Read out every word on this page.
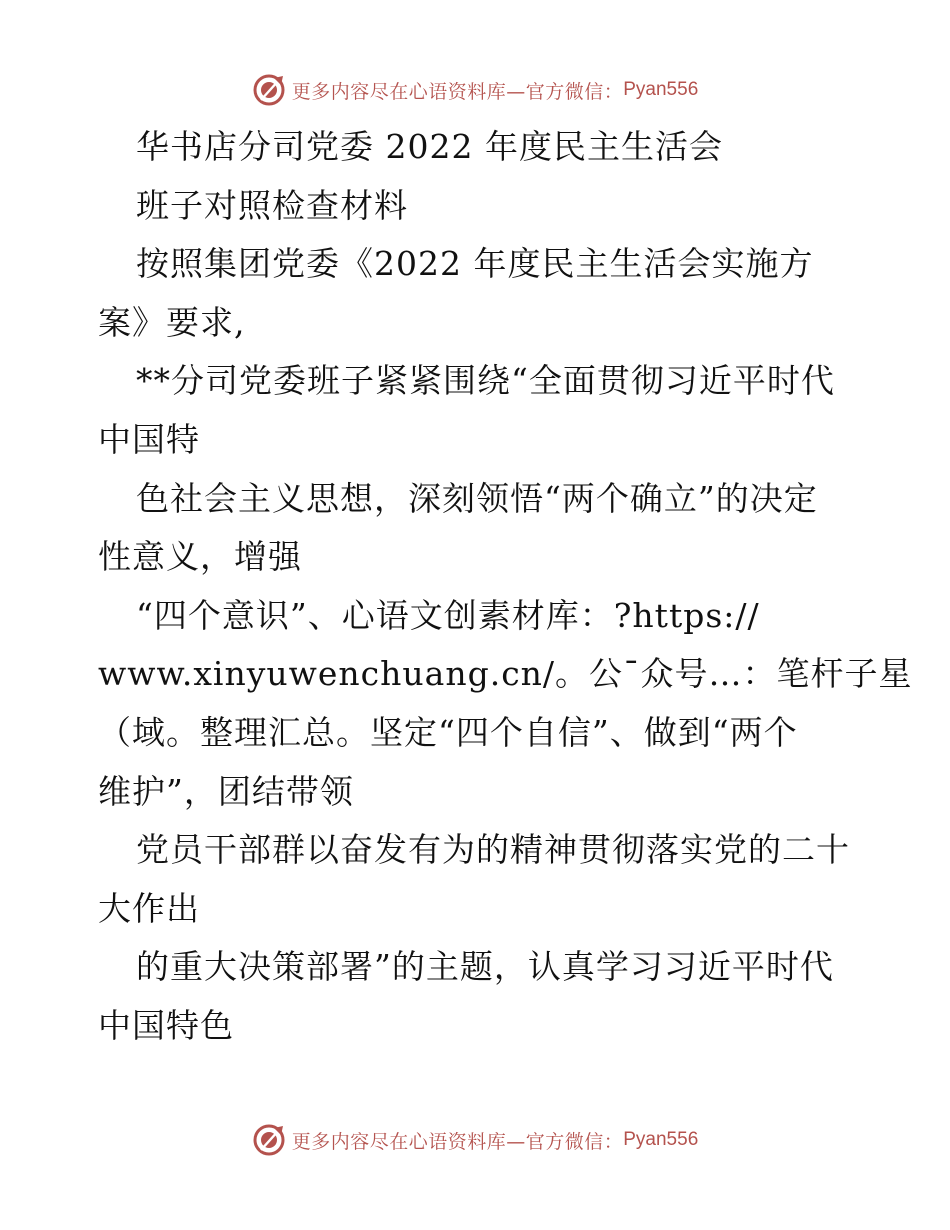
更多内容尽在心语资料库—官方微信： Pyan556
华书店分司党委 2022 年度民主生活会
班子对照检查材料
按照集团党委《2022 年度民主生活会实施方
案》要求,
**分司党委班子紧紧围绕“全面贯彻习近平时代
中国特
色社会主义思想，深刻领悟“两个确立”的决定
性意义，增强
“四个意识”、心语文创素材库：?https://
www.xinyuwenchuang.cn/。公¯众号…：笔杆子星
（域。整理汇总。坚定“四个自信”、做到“两个
维护”，团结带领
党员干部群以奋发有为的精神贯彻落实党的二十
大作出
的重大决策部署”的主题，认真学习习近平时代
中国特色
更多内容尽在心语资料库—官方微信： Pyan556
